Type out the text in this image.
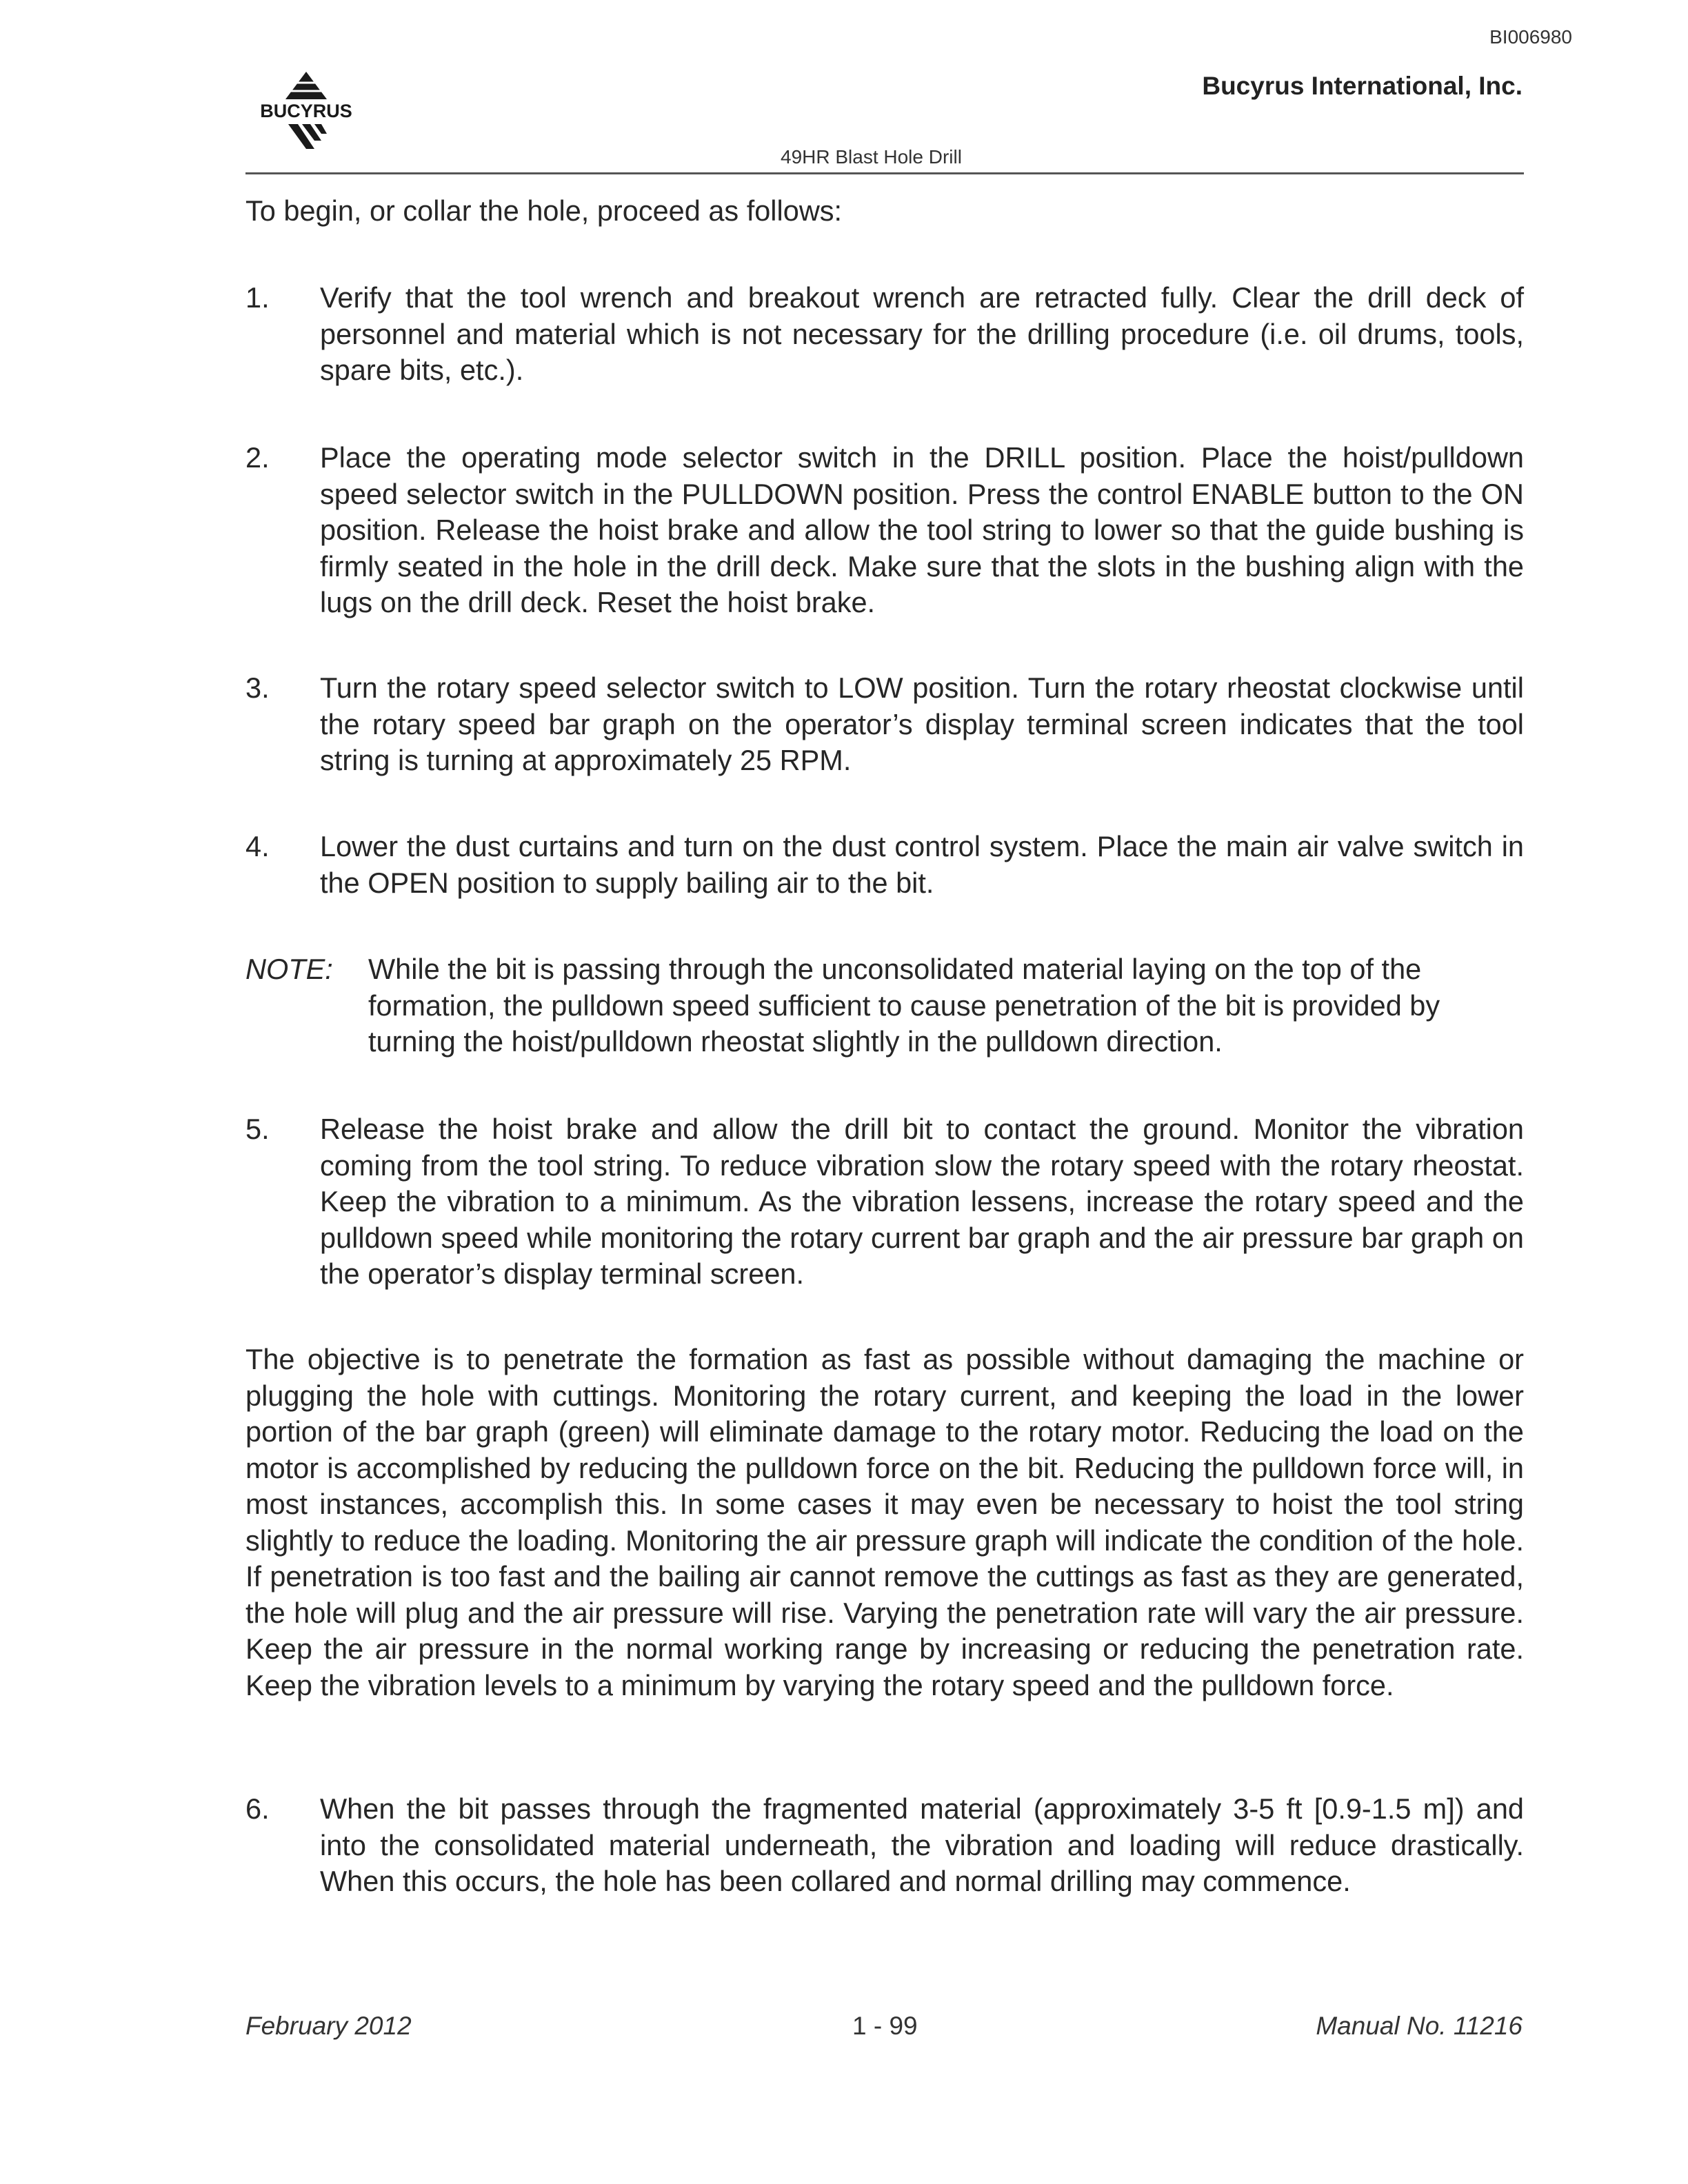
BI006980
BUCYRUS
Bucyrus International, Inc.
49HR Blast Hole Drill
To begin, or collar the hole, proceed as follows:
1. Verify that the tool wrench and breakout wrench are retracted fully. Clear the drill deck of personnel and material which is not necessary for the drilling procedure (i.e. oil drums, tools, spare bits, etc.).
2. Place the operating mode selector switch in the DRILL position. Place the hoist/pulldown speed selector switch in the PULLDOWN position. Press the control ENABLE button to the ON position. Release the hoist brake and allow the tool string to lower so that the guide bushing is firmly seated in the hole in the drill deck. Make sure that the slots in the bushing align with the lugs on the drill deck. Reset the hoist brake.
3. Turn the rotary speed selector switch to LOW position. Turn the rotary rheostat clockwise until the rotary speed bar graph on the operator’s display terminal screen indicates that the tool string is turning at approximately 25 RPM.
4. Lower the dust curtains and turn on the dust control system. Place the main air valve switch in the OPEN position to supply bailing air to the bit.
NOTE: While the bit is passing through the unconsolidated material laying on the top of the formation, the pulldown speed sufficient to cause penetration of the bit is provided by turning the hoist/pulldown rheostat slightly in the pulldown direction.
5. Release the hoist brake and allow the drill bit to contact the ground. Monitor the vibration coming from the tool string. To reduce vibration slow the rotary speed with the rotary rheostat. Keep the vibration to a minimum. As the vibration lessens, increase the rotary speed and the pulldown speed while monitoring the rotary current bar graph and the air pressure bar graph on the operator’s display terminal screen.
The objective is to penetrate the formation as fast as possible without damaging the machine or plugging the hole with cuttings. Monitoring the rotary current, and keeping the load in the lower portion of the bar graph (green) will eliminate damage to the rotary motor. Reducing the load on the motor is accomplished by reducing the pulldown force on the bit. Reducing the pulldown force will, in most instances, accomplish this. In some cases it may even be necessary to hoist the tool string slightly to reduce the loading. Monitoring the air pressure graph will indicate the condition of the hole. If penetration is too fast and the bailing air cannot remove the cuttings as fast as they are generated, the hole will plug and the air pressure will rise. Varying the penetration rate will vary the air pressure. Keep the air pressure in the normal working range by increasing or reducing the penetration rate. Keep the vibration levels to a minimum by varying the rotary speed and the pulldown force.
6. When the bit passes through the fragmented material (approximately 3-5 ft [0.9-1.5 m]) and into the consolidated material underneath, the vibration and loading will reduce drastically. When this occurs, the hole has been collared and normal drilling may commence.
February 2012	1 - 99	Manual No. 11216
